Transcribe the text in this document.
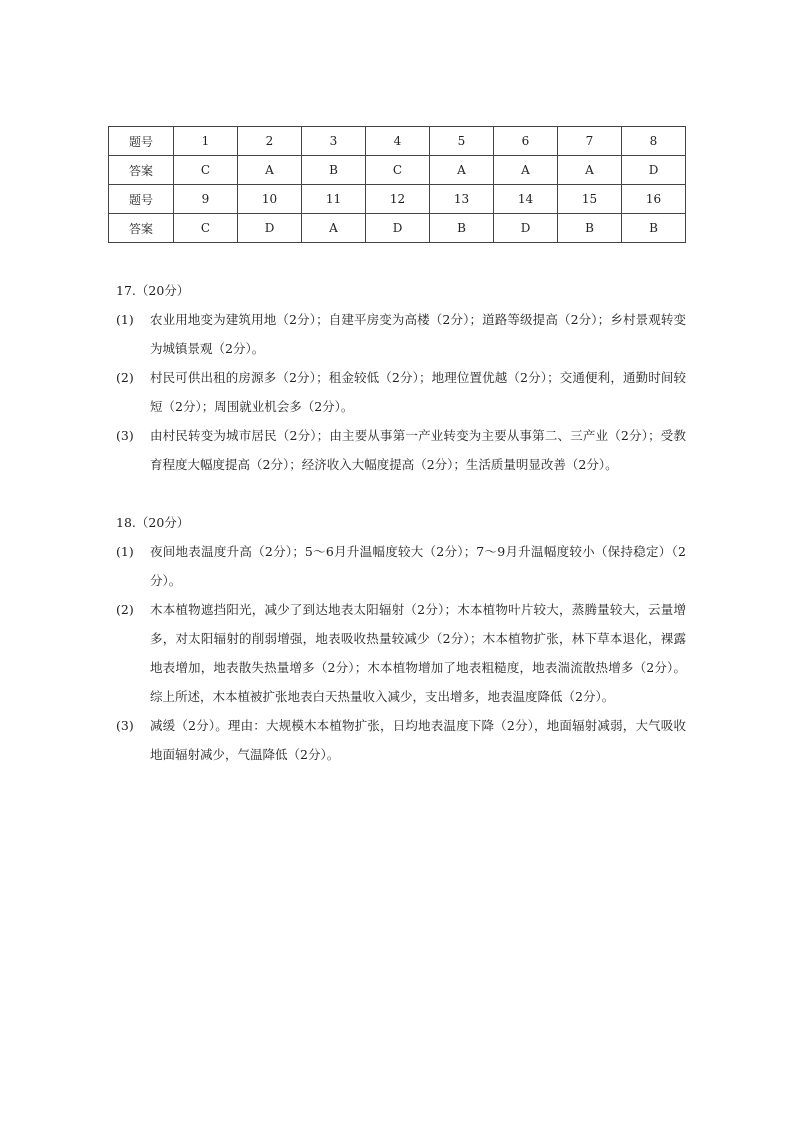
题号	1	2	3	4	5	6	7	8
答案	C	A	B	C	A	A	A	D
题号	9	10	11	12	13	14	15	16
答案	C	D	A	D	B	D	B	B

17.（20分）

(1)	农业用地变为建筑用地（2分）；自建平房变为高楼（2分）；道路等级提高（2分）；乡村景观转变为城镇景观（2分）。
(2)	村民可供出租的房源多（2分）；租金较低（2分）；地理位置优越（2分）；交通便利，通勤时间较短（2分）；周围就业机会多（2分）。
(3)	由村民转变为城市居民（2分）；由主要从事第一产业转变为主要从事第二、三产业（2分）；受教育程度大幅度提高（2分）；经济收入大幅度提高（2分）；生活质量明显改善（2分）。

18.（20分）

(1)	夜间地表温度升高（2分）；5～6月升温幅度较大（2分）；7～9月升温幅度较小（保持稳定）（2分）。
(2)	木本植物遮挡阳光，减少了到达地表太阳辐射（2分）；木本植物叶片较大，蒸腾量较大，云量增多，对太阳辐射的削弱增强，地表吸收热量较减少（2分）；木本植物扩张，林下草本退化，裸露地表增加，地表散失热量增多（2分）；木本植物增加了地表粗糙度，地表湍流散热增多（2分）。综上所述，木本植被扩张地表白天热量收入减少，支出增多，地表温度降低（2分）。
(3)	减缓（2分）。理由：大规模木本植物扩张，日均地表温度下降（2分），地面辐射减弱，大气吸收地面辐射减少，气温降低（2分）。
